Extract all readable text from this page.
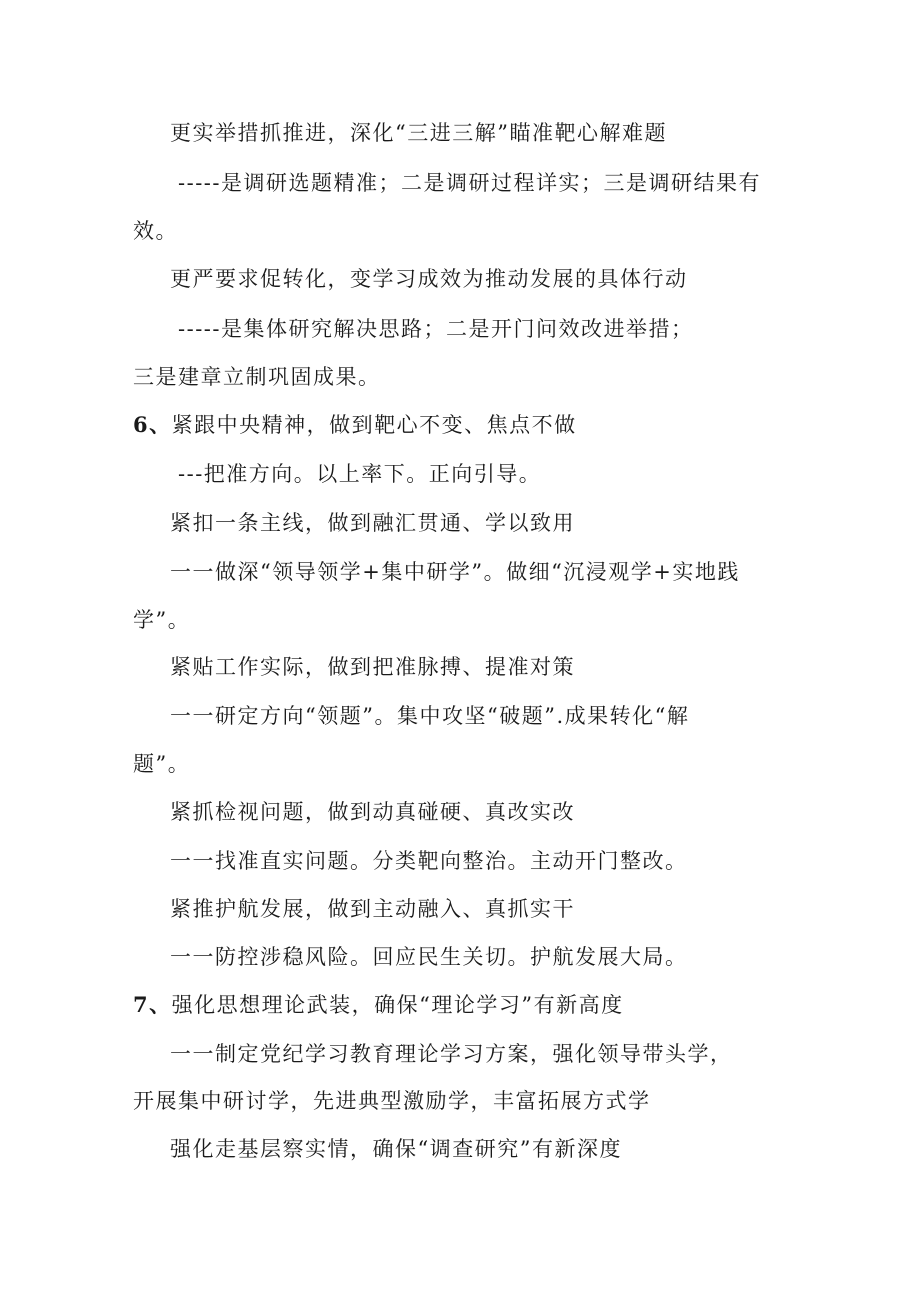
更实举措抓推进，深化“三进三解”瞄准靶心解难题
-----是调研选题精准；二是调研过程详实；三是调研结果有
效。
更严要求促转化，变学习成效为推动发展的具体行动
-----是集体研究解决思路；二是开门问效改进举措；
三是建章立制巩固成果。
6、紧跟中央精神，做到靶心不变、焦点不做
---把准方向。以上率下。正向引导。
紧扣一条主线，做到融汇贯通、学以致用
一一做深“领导领学+集中研学”。做细“沉浸观学+实地践
学”。
紧贴工作实际，做到把准脉搏、提准对策
一一研定方向“领题”。集中攻坚“破题”.成果转化“解
题”。
紧抓检视问题，做到动真碰硬、真改实改
一一找准直实问题。分类靶向整治。主动开门整改。
紧推护航发展，做到主动融入、真抓实干
一一防控涉稳风险。回应民生关切。护航发展大局。
7、强化思想理论武装，确保“理论学习”有新高度
一一制定党纪学习教育理论学习方案，强化领导带头学，
开展集中研讨学，先进典型激励学，丰富拓展方式学
强化走基层察实情，确保“调查研究”有新深度
